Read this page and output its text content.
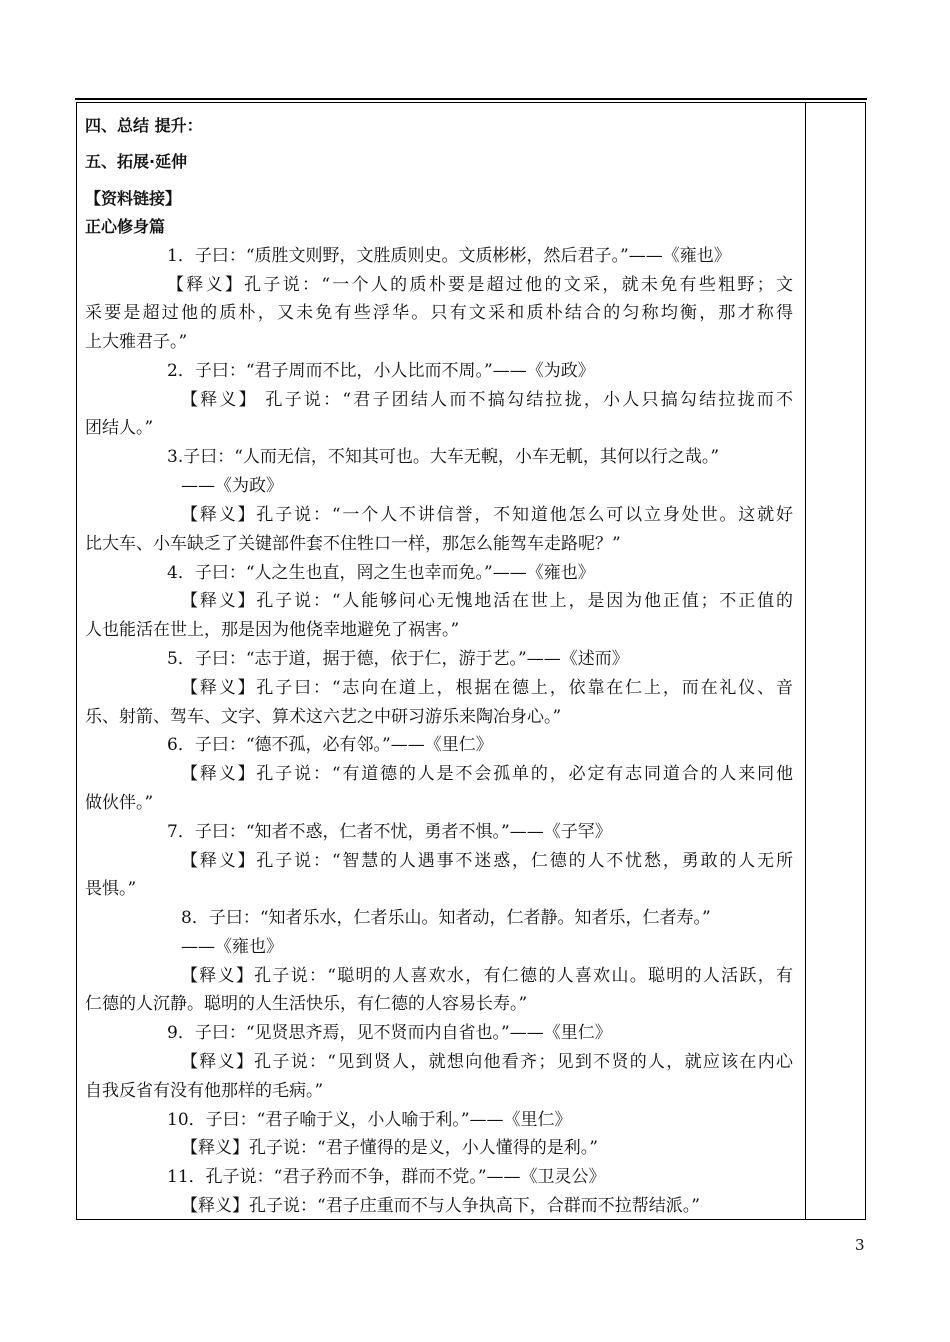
四、总结 提升：
五、拓展·延伸
【资料链接】
正心修身篇
1．子曰：“质胜文则野，文胜质则史。文质彬彬，然后君子。”——《雍也》
【释义】孔子说：“一个人的质朴要是超过他的文采，就未免有些粗野；文
采要是超过他的质朴，又未免有些浮华。只有文采和质朴结合的匀称均衡，那才称得
上大雅君子。”
2．子曰：“君子周而不比，小人比而不周。”——《为政》
【释义】 孔子说：“君子团结人而不搞勾结拉拢，小人只搞勾结拉拢而不
团结人。”
3.子曰：“人而无信，不知其可也。大车无輗，小车无軏，其何以行之哉。”
——《为政》
【释义】孔子说：“一个人不讲信誉，不知道他怎么可以立身处世。这就好
比大车、小车缺乏了关键部件套不住牲口一样，那怎么能驾车走路呢？”
4．子曰：“人之生也直，罔之生也幸而免。”——《雍也》
【释义】孔子说：“人能够问心无愧地活在世上，是因为他正值；不正值的
人也能活在世上，那是因为他侥幸地避免了祸害。”
5．子曰：“志于道，据于德，依于仁，游于艺。”——《述而》
【释义】孔子曰：“志向在道上，根据在德上，依靠在仁上，而在礼仪、音
乐、射箭、驾车、文字、算术这六艺之中研习游乐来陶冶身心。”
6．子曰：“德不孤，必有邻。”——《里仁》
【释义】孔子说：“有道德的人是不会孤单的，必定有志同道合的人来同他
做伙伴。”
7．子曰：“知者不惑，仁者不忧，勇者不惧。”——《子罕》
【释义】孔子说：“智慧的人遇事不迷惑，仁德的人不忧愁，勇敢的人无所
畏惧。”
8．子曰：“知者乐水，仁者乐山。知者动，仁者静。知者乐，仁者寿。”
——《雍也》
【释义】孔子说：“聪明的人喜欢水，有仁德的人喜欢山。聪明的人活跃，有
仁德的人沉静。聪明的人生活快乐，有仁德的人容易长寿。”
9．子曰：“见贤思齐焉，见不贤而内自省也。”——《里仁》
【释义】孔子说：“见到贤人，就想向他看齐；见到不贤的人，就应该在内心
自我反省有没有他那样的毛病。”
10．子曰：“君子喻于义，小人喻于利。”——《里仁》
【释义】孔子说：“君子懂得的是义，小人懂得的是利。”
11．孔子说：“君子矜而不争，群而不党。”——《卫灵公》
【释义】孔子说：“君子庄重而不与人争执高下，合群而不拉帮结派。”
3
